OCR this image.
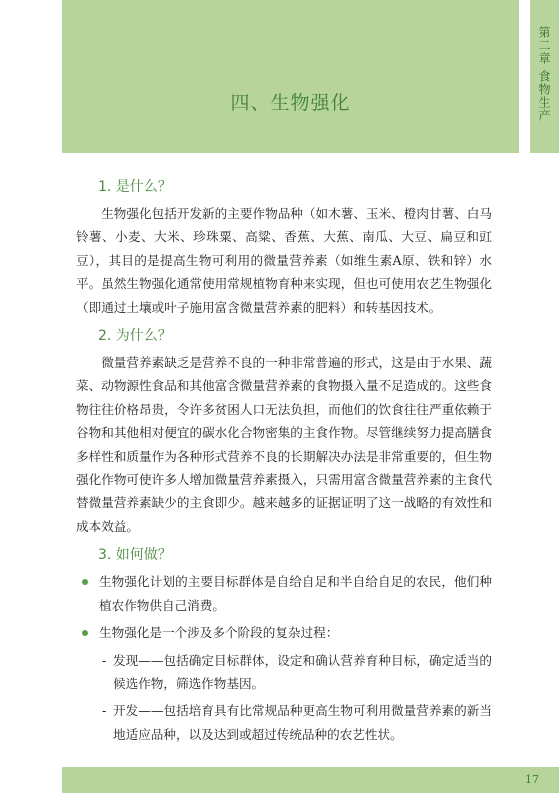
四、生物强化	第二章 食物生产
1. 是什么？

生物强化包括开发新的主要作物品种（如木薯、玉米、橙肉甘薯、白马铃薯、小麦、大米、珍珠粟、高粱、香蕉、大蕉、南瓜、大豆、扁豆和豇豆），其目的是提高生物可利用的微量营养素（如维生素A原、铁和锌）水平。虽然生物强化通常使用常规植物育种来实现，但也可使用农艺生物强化（即通过土壤或叶子施用富含微量营养素的肥料）和转基因技术。

2. 为什么？

微量营养素缺乏是营养不良的一种非常普遍的形式，这是由于水果、蔬菜、动物源性食品和其他富含微量营养素的食物摄入量不足造成的。这些食物往往价格昂贵，令许多贫困人口无法负担，而他们的饮食往往严重依赖于谷物和其他相对便宜的碳水化合物密集的主食作物。尽管继续努力提高膳食多样性和质量作为各种形式营养不良的长期解决办法是非常重要的，但生物强化作物可使许多人增加微量营养素摄入，只需用富含微量营养素的主食代替微量营养素缺少的主食即少。越来越多的证据证明了这一战略的有效性和成本效益。

3. 如何做？
生物强化计划的主要目标群体是自给自足和半自给自足的农民，他们种植农作物供自己消费。
生物强化是一个涉及多个阶段的复杂过程：
- 发现——包括确定目标群体，设定和确认营养育种目标，确定适当的候选作物，筛选作物基因。
- 开发——包括培育具有比常规品种更高生物可利用微量营养素的新当地适应品种，以及达到或超过传统品种的农艺性状。
17
